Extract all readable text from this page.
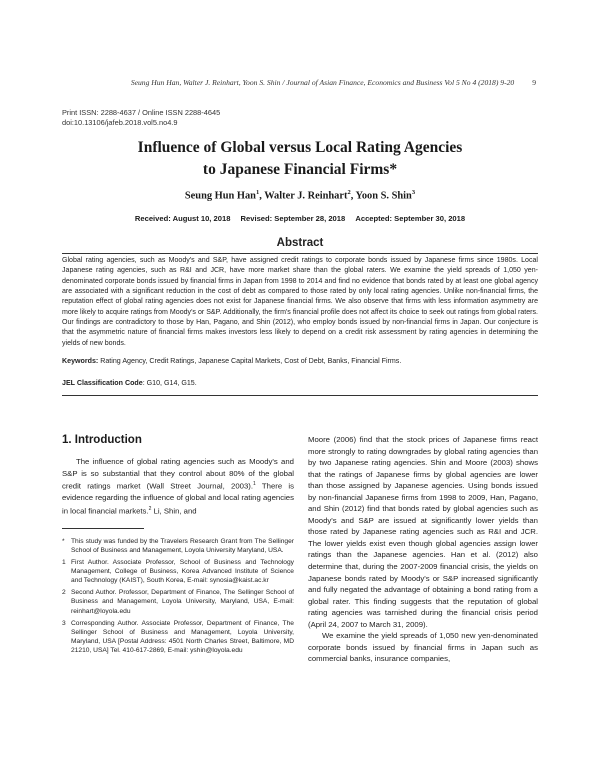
Seung Hun Han, Walter J. Reinhart, Yoon S. Shin / Journal of Asian Finance, Economics and Business Vol 5 No 4 (2018) 9-20 9
Print ISSN: 2288-4637 / Online ISSN 2288-4645
doi:10.13106/jafeb.2018.vol5.no4.9
Influence of Global versus Local Rating Agencies
to Japanese Financial Firms*
Seung Hun Han$^1$, Walter J. Reinhart$^2$, Yoon S. Shin$^3$
Received: August 10, 2018 Revised: September 28, 2018 Accepted: September 30, 2018
Abstract
Global rating agencies, such as Moody's and S&P, have assigned credit ratings to corporate bonds issued by Japanese firms since 1980s. Local Japanese rating agencies, such as R&I and JCR, have more market share than the global raters. We examine the yield spreads of 1,050 yen-denominated corporate bonds issued by financial firms in Japan from 1998 to 2014 and find no evidence that bonds rated by at least one global agency are associated with a significant reduction in the cost of debt as compared to those rated by only local rating agencies. Unlike non-financial firms, the reputation effect of global rating agencies does not exist for Japanese financial firms. We also observe that firms with less information asymmetry are more likely to acquire ratings from Moody's or S&P. Additionally, the firm's financial profile does not affect its choice to seek out ratings from global raters. Our findings are contradictory to those by Han, Pagano, and Shin (2012), who employ bonds issued by non-financial firms in Japan. Our conjecture is that the asymmetric nature of financial firms makes investors less likely to depend on a credit risk assessment by rating agencies in determining the yields of new bonds.
Keywords: Rating Agency, Credit Ratings, Japanese Capital Markets, Cost of Debt, Banks, Financial Firms.
JEL Classification Code: G10, G14, G15.
1. Introduction

The influence of global rating agencies such as Moody's and S&P is so substantial that they control about 80% of the global credit ratings market (Wall Street Journal, 2003).$^1$ There is evidence regarding the influence of global and local rating agencies in local financial markets.$^2$ Li, Shin, and

* This study was funded by the Travelers Research Grant from The Sellinger School of Business and Management, Loyola University Maryland, USA.
1 First Author. Associate Professor, School of Business and Technology Management, College of Business, Korea Advanced Institute of Science and Technology (KAIST), South Korea, E-mail: synosia@kaist.ac.kr
2 Second Author. Professor, Department of Finance, The Sellinger School of Business and Management, Loyola University, Maryland, USA, E-mail: reinhart@loyola.edu
3 Corresponding Author. Associate Professor, Department of Finance, The Sellinger School of Business and Management, Loyola University, Maryland, USA [Postal Address: 4501 North Charles Street, Baltimore, MD 21210, USA] Tel. 410-617-2869, E-mail: yshin@loyola.edu

Moore (2006) find that the stock prices of Japanese firms react more strongly to rating downgrades by global rating agencies than by two Japanese rating agencies. Shin and Moore (2003) shows that the ratings of Japanese firms by global agencies are lower than those assigned by Japanese agencies. Using bonds issued by non-financial Japanese firms from 1998 to 2009, Han, Pagano, and Shin (2012) find that bonds rated by global agencies such as Moody's and S&P are issued at significantly lower yields than those rated by Japanese rating agencies such as R&I and JCR. The lower yields exist even though global agencies assign lower ratings than the Japanese agencies. Han et al. (2012) also determine that, during the 2007-2009 financial crisis, the yields on Japanese bonds rated by Moody's or S&P increased significantly and fully negated the advantage of obtaining a bond rating from a global rater. This finding suggests that the reputation of global rating agencies was tarnished during the financial crisis period (April 24, 2007 to March 31, 2009).

We examine the yield spreads of 1,050 new yen-denominated corporate bonds issued by financial firms in Japan such as commercial banks, insurance companies,
